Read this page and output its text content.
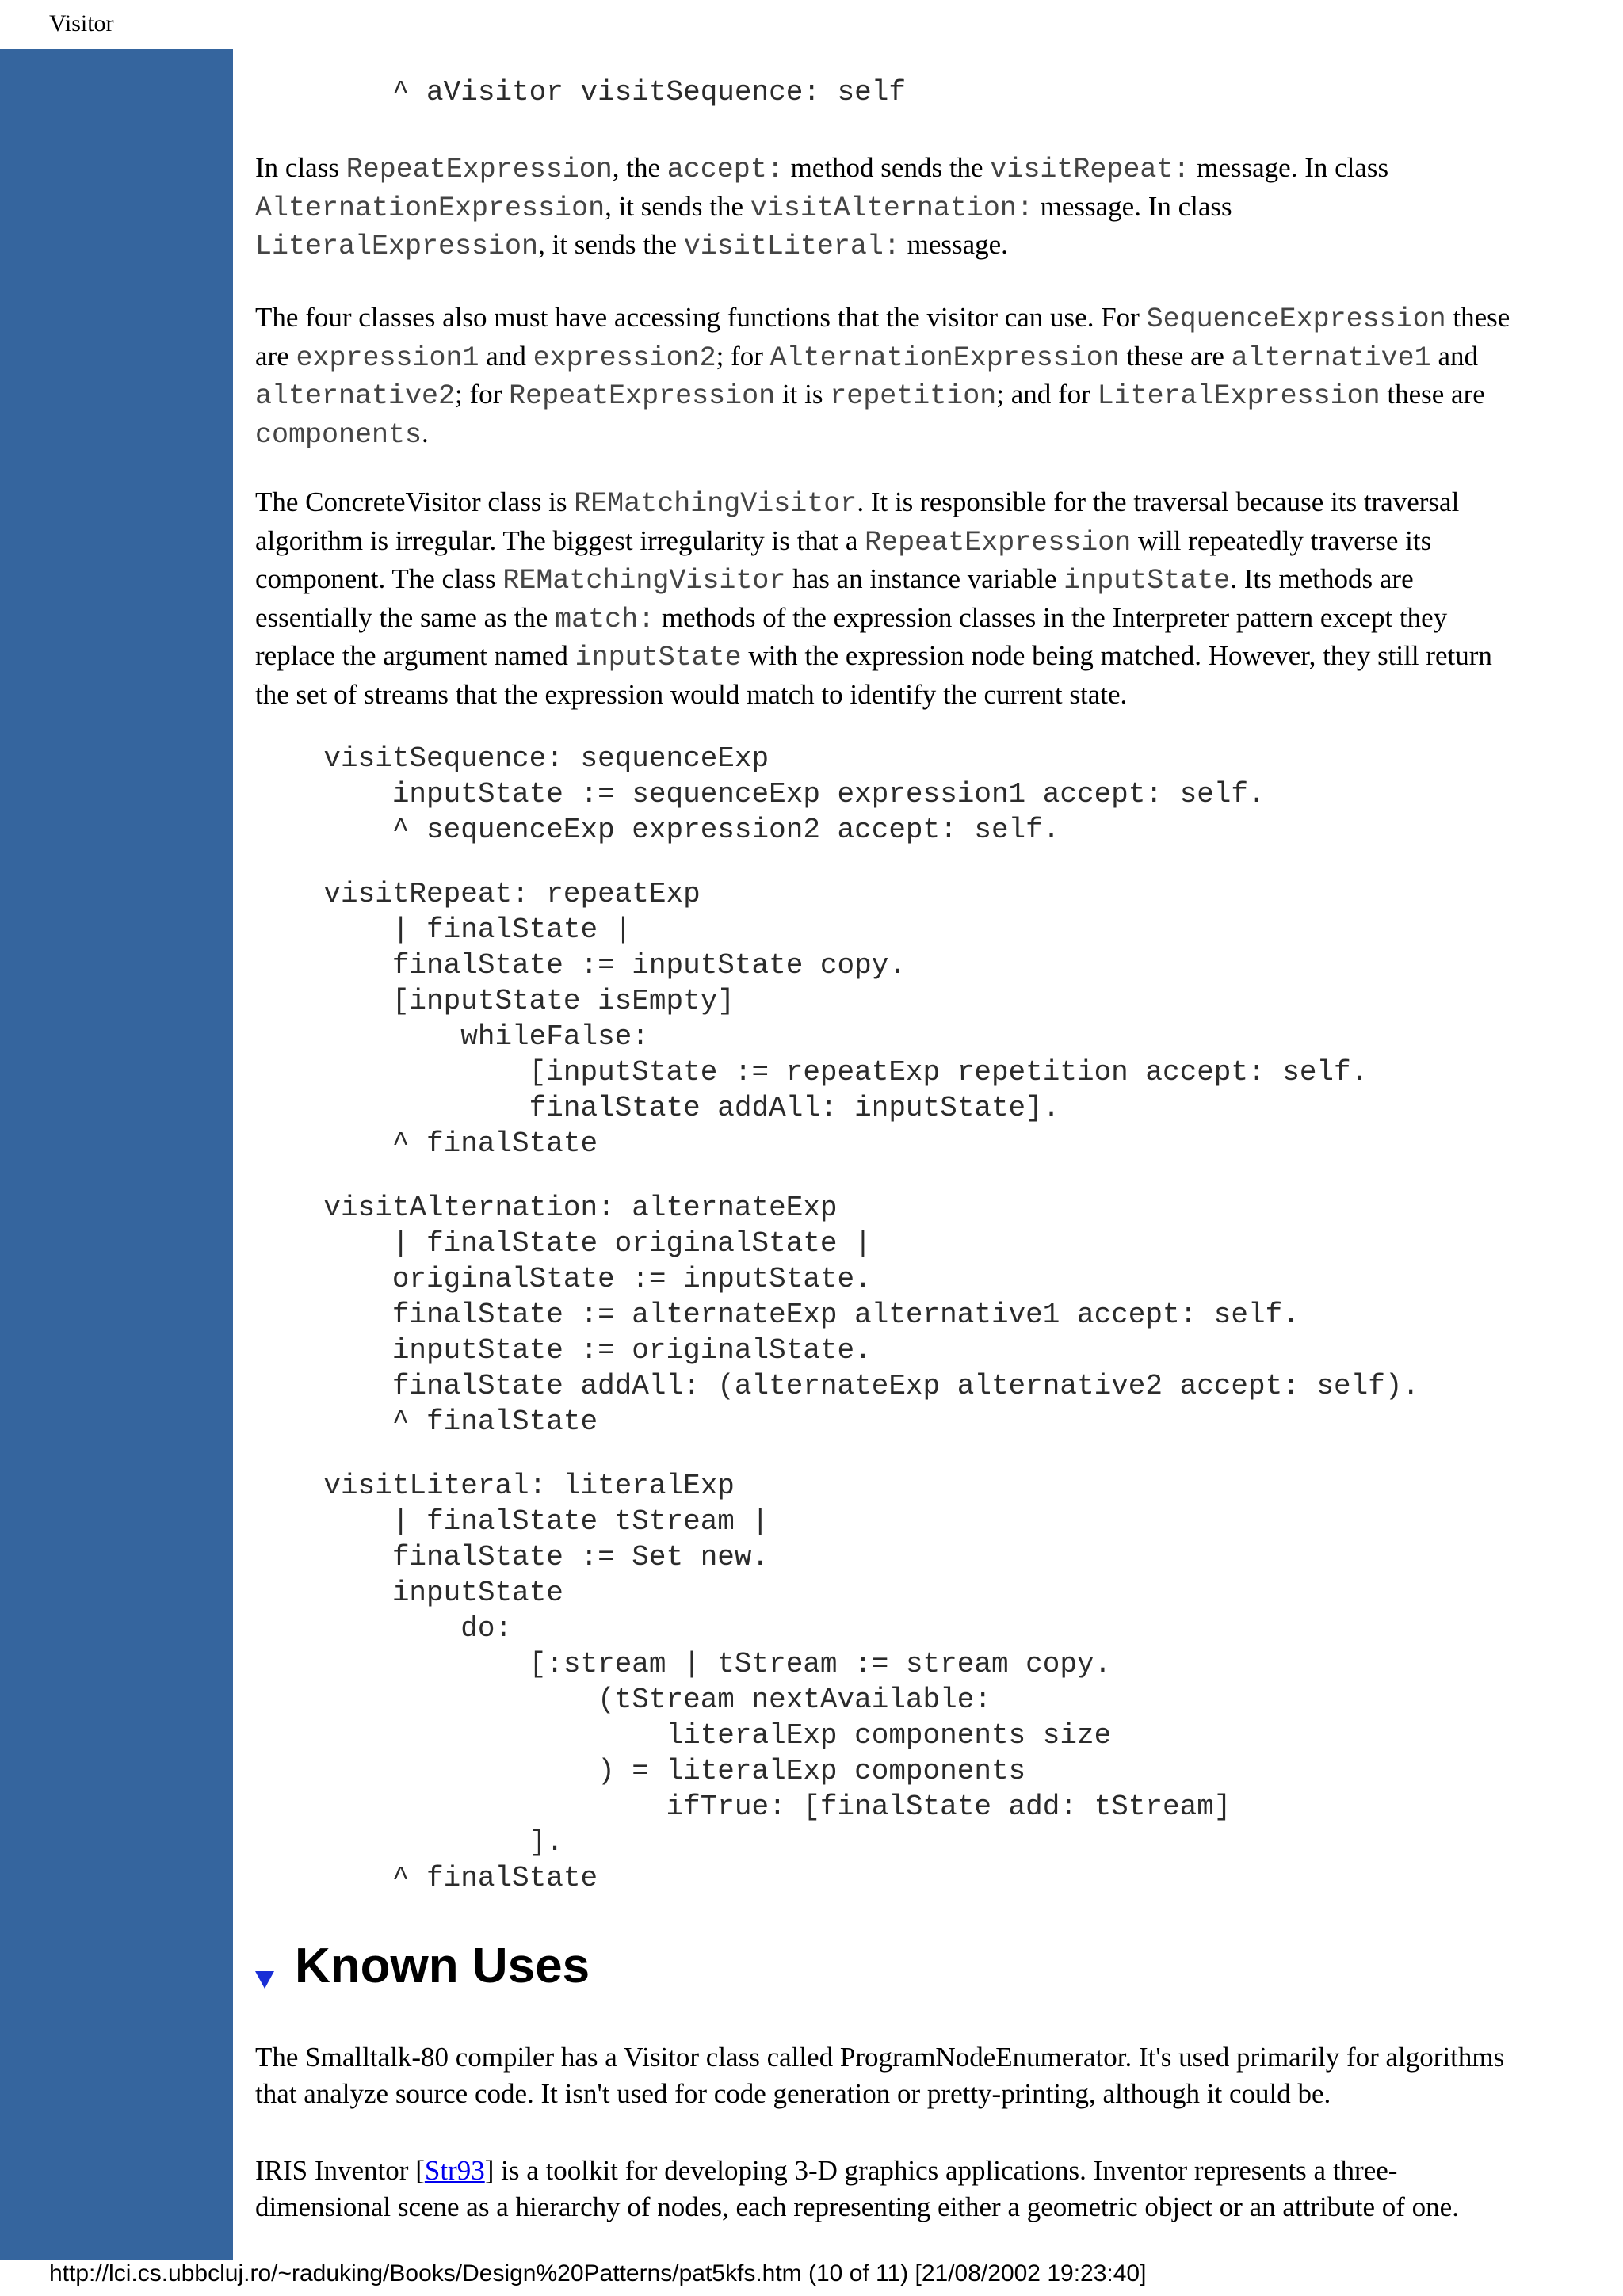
Visitor
^ aVisitor visitSequence: self

In class RepeatExpression, the accept: method sends the visitRepeat: message. In class
AlternationExpression, it sends the visitAlternation: message. In class
LiteralExpression, it sends the visitLiteral: message.

The four classes also must have accessing functions that the visitor can use. For SequenceExpression these
are expression1 and expression2; for AlternationExpression these are alternative1 and
alternative2; for RepeatExpression it is repetition; and for LiteralExpression these are
components.

The ConcreteVisitor class is REMatchingVisitor. It is responsible for the traversal because its traversal
algorithm is irregular. The biggest irregularity is that a RepeatExpression will repeatedly traverse its
component. The class REMatchingVisitor has an instance variable inputState. Its methods are
essentially the same as the match: methods of the expression classes in the Interpreter pattern except they
replace the argument named inputState with the expression node being matched. However, they still return
the set of streams that the expression would match to identify the current state.

visitSequence: sequenceExp
inputState := sequenceExp expression1 accept: self.
^ sequenceExp expression2 accept: self.
visitRepeat: repeatExp
| finalState |
finalState := inputState copy.
[inputState isEmpty]
whileFalse:
[inputState := repeatExp repetition accept: self.
finalState addAll: inputState].
^ finalState
visitAlternation: alternateExp
| finalState originalState |
originalState := inputState.
finalState := alternateExp alternative1 accept: self.
inputState := originalState.
finalState addAll: (alternateExp alternative2 accept: self).
^ finalState
visitLiteral: literalExp
| finalState tStream |
finalState := Set new.
inputState
do:
[:stream | tStream := stream copy.
(tStream nextAvailable:
literalExp components size
) = literalExp components
ifTrue: [finalState add: tStream]
].
^ finalState
Known Uses

The Smalltalk-80 compiler has a Visitor class called ProgramNodeEnumerator. It's used primarily for algorithms
that analyze source code. It isn't used for code generation or pretty-printing, although it could be.

IRIS Inventor [Str93] is a toolkit for developing 3-D graphics applications. Inventor represents a three-
dimensional scene as a hierarchy of nodes, each representing either a geometric object or an attribute of one.

http://lci.cs.ubbcluj.ro/~raduking/Books/Design%20Patterns/pat5kfs.htm (10 of 11) [21/08/2002 19:23:40]
